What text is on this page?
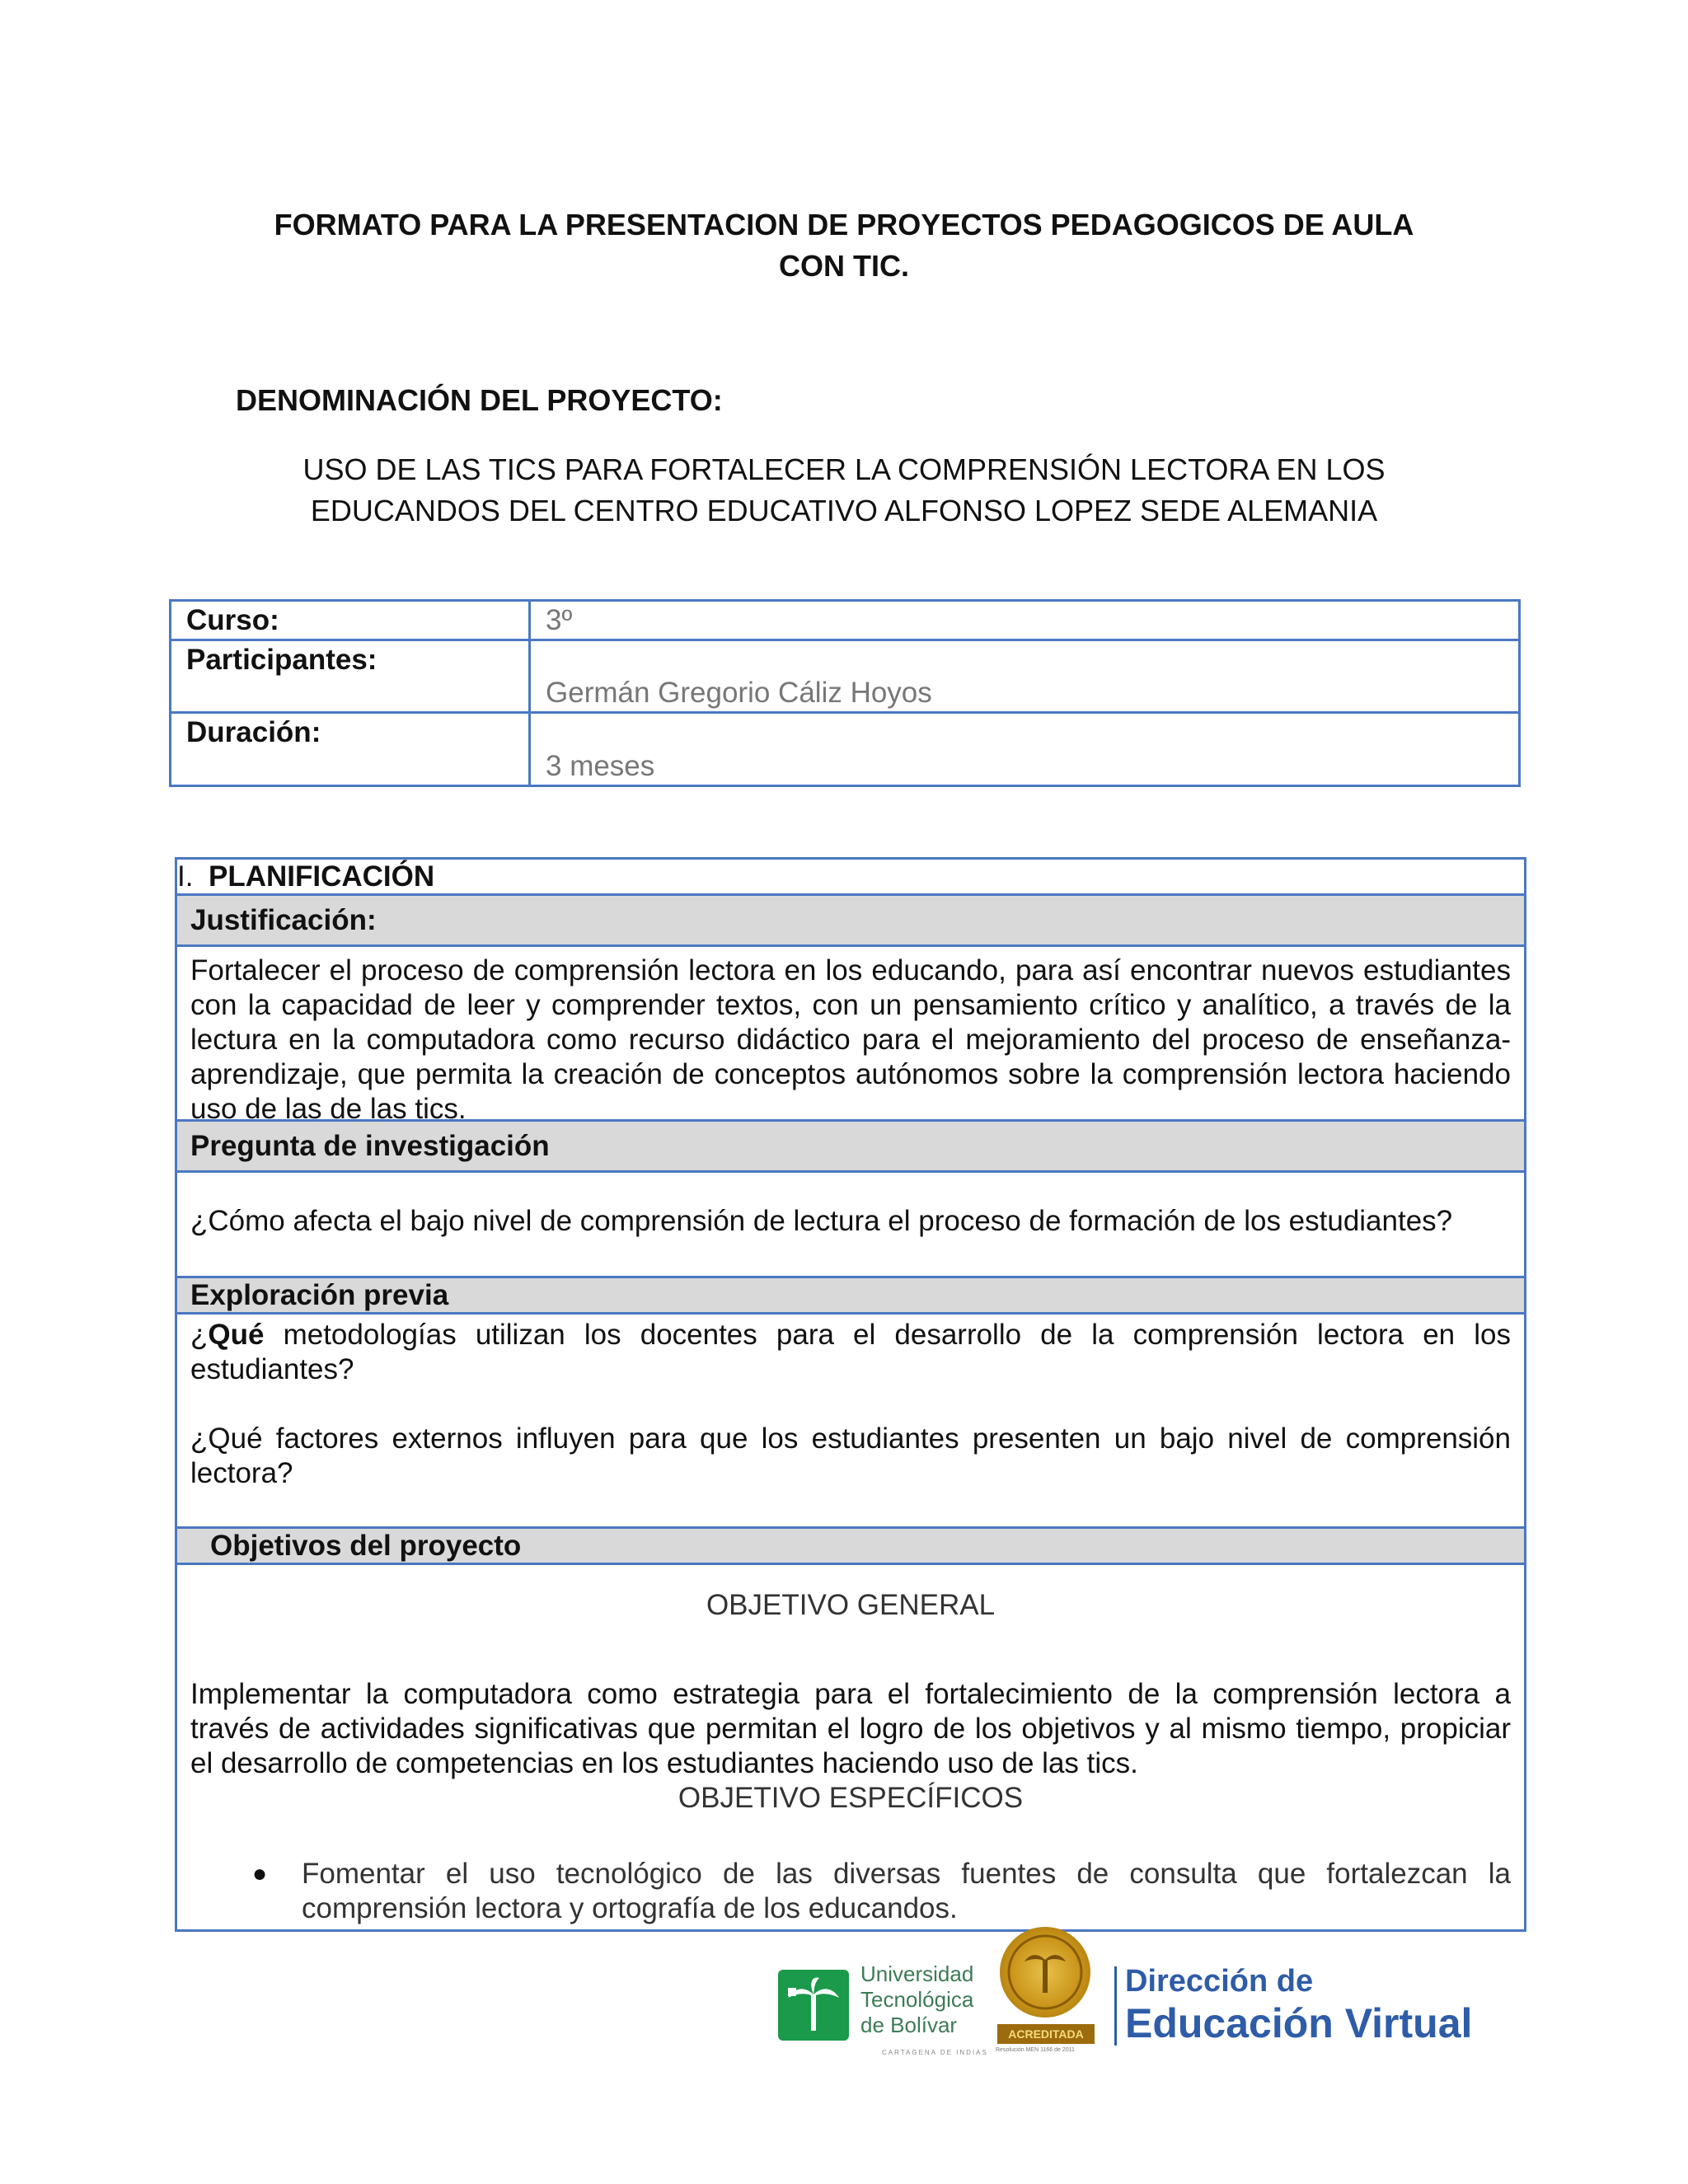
FORMATO PARA LA PRESENTACION DE PROYECTOS PEDAGOGICOS DE AULA
CON TIC.
DENOMINACIÓN DEL PROYECTO:
USO DE LAS TICS PARA FORTALECER LA COMPRENSIÓN LECTORA EN LOS
EDUCANDOS DEL CENTRO EDUCATIVO ALFONSO LOPEZ SEDE ALEMANIA
Curso:	3º
Participantes:
Germán Gregorio Cáliz Hoyos
Duración:
3 meses
I. PLANIFICACIÓN
Justificación:
Fortalecer el proceso de comprensión lectora en los educando, para así encontrar nuevos estudiantes con la capacidad de leer y comprender textos, con un pensamiento crítico y analítico, a través de la lectura en la computadora como recurso didáctico para el mejoramiento del proceso de enseñanza-aprendizaje, que permita la creación de conceptos autónomos sobre la comprensión lectora haciendo uso de las de las tics.
Pregunta de investigación
¿Cómo afecta el bajo nivel de comprensión de lectura el proceso de formación de los estudiantes?
Exploración previa
¿Qué metodologías utilizan los docentes para el desarrollo de la comprensión lectora en los estudiantes?
¿Qué factores externos influyen para que los estudiantes presenten un bajo nivel de comprensión lectora?
Objetivos del proyecto
OBJETIVO GENERAL
Implementar la computadora como estrategia para el fortalecimiento de la comprensión lectora a través de actividades significativas que permitan el logro de los objetivos y al mismo tiempo, propiciar el desarrollo de competencias en los estudiantes haciendo uso de las tics.
OBJETIVO ESPECÍFICOS
●	Fomentar el uso tecnológico de las diversas fuentes de consulta que fortalezcan la comprensión lectora y ortografía de los educandos.
Universidad
Tecnológica
de Bolívar
CARTAGENA DE INDIAS
ACREDITADA
Resolución MEN 1166 de 2011
Dirección de
Educación Virtual
